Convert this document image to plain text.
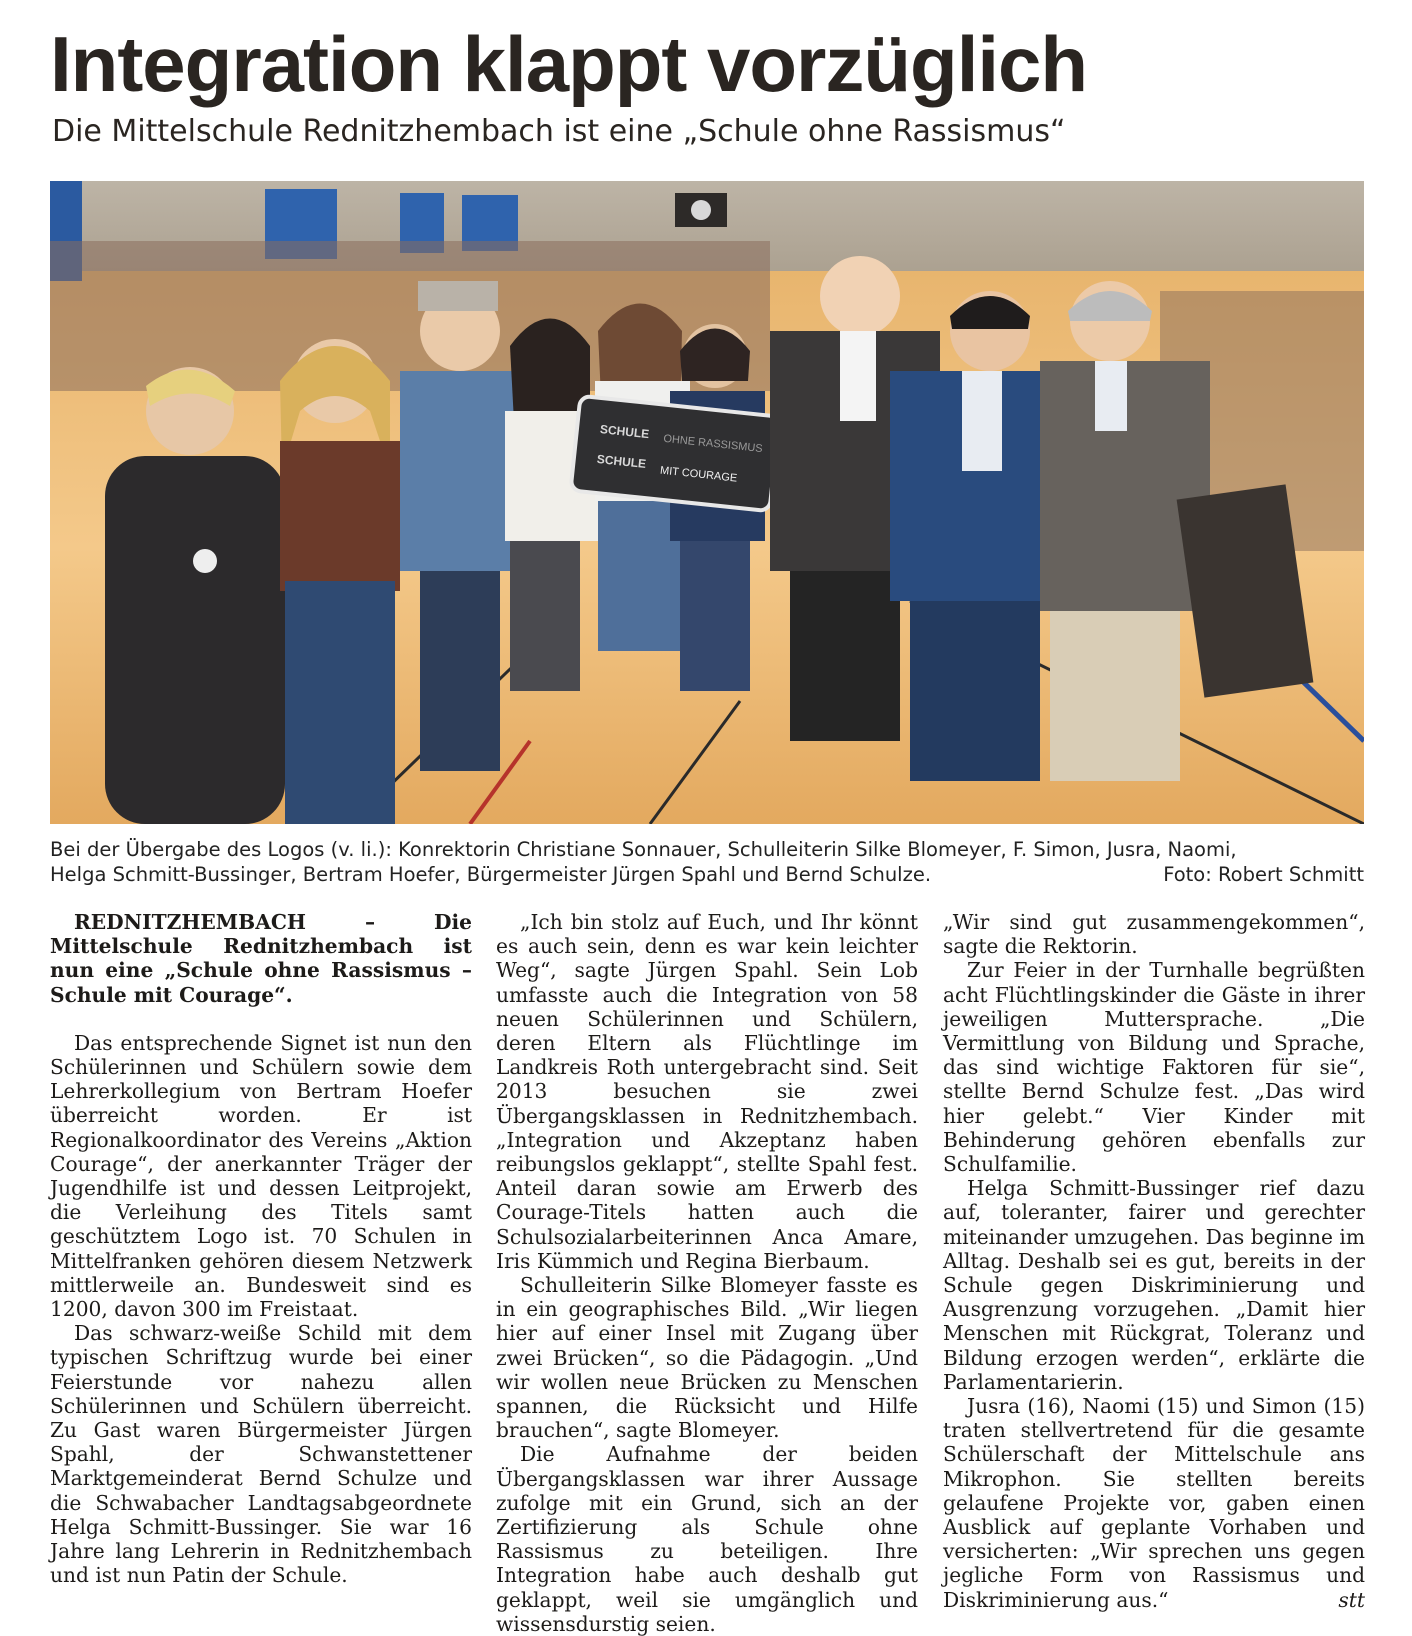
Integration klappt vorzüglich
Die Mittelschule Rednitzhembach ist eine „Schule ohne Rassismus“
SCHULE
OHNE RASSISMUS
SCHULE
MIT COURAGE
Bei der Übergabe des Logos (v. li.): Konrektorin Christiane Sonnauer, Schulleiterin Silke Blomeyer, F. Simon, Jusra, Naomi,
Helga Schmitt-Bussinger, Bertram Hoefer, Bürgermeister Jürgen Spahl und Bernd Schulze.	Foto: Robert Schmitt

REDNITZHEMBACH – Die Mittelschule Rednitzhembach ist nun eine „Schule ohne Rassismus – Schule mit Courage“.

Das entsprechende Signet ist nun den Schülerinnen und Schülern sowie dem Lehrerkollegium von Bertram Hoefer überreicht worden. Er ist Regionalkoordinator des Vereins „Aktion Courage“, der anerkannter Träger der Jugendhilfe ist und dessen Leitprojekt, die Verleihung des Titels samt geschütztem Logo ist. 70 Schulen in Mittelfranken gehören diesem Netzwerk mittlerweile an. Bundesweit sind es 1200, davon 300 im Freistaat.

Das schwarz-weiße Schild mit dem typischen Schriftzug wurde bei einer Feierstunde vor nahezu allen Schülerinnen und Schülern überreicht. Zu Gast waren Bürgermeister Jürgen Spahl, der Schwanstettener Marktgemeinderat Bernd Schulze und die Schwabacher Landtagsabgeordnete Helga Schmitt-Bussinger. Sie war 16 Jahre lang Lehrerin in Rednitzhembach und ist nun Patin der Schule.

„Ich bin stolz auf Euch, und Ihr könnt es auch sein, denn es war kein leichter Weg“, sagte Jürgen Spahl. Sein Lob umfasste auch die Integration von 58 neuen Schülerinnen und Schülern, deren Eltern als Flüchtlinge im Landkreis Roth untergebracht sind. Seit 2013 besuchen sie zwei Übergangsklassen in Rednitzhembach. „Integration und Akzeptanz haben reibungslos geklappt“, stellte Spahl fest. Anteil daran sowie am Erwerb des Courage-Titels hatten auch die Schulsozialarbeiterinnen Anca Amare, Iris Kümmich und Regina Bierbaum.

Schulleiterin Silke Blomeyer fasste es in ein geographisches Bild. „Wir liegen hier auf einer Insel mit Zugang über zwei Brücken“, so die Pädagogin. „Und wir wollen neue Brücken zu Menschen spannen, die Rücksicht und Hilfe brauchen“, sagte Blomeyer.

Die Aufnahme der beiden Übergangsklassen war ihrer Aussage zufolge mit ein Grund, sich an der Zertifizierung als Schule ohne Rassismus zu beteiligen. Ihre Integration habe auch deshalb gut geklappt, weil sie umgänglich und wissensdurstig seien.

„Wir sind gut zusammengekommen“, sagte die Rektorin.

Zur Feier in der Turnhalle begrüßten acht Flüchtlingskinder die Gäste in ihrer jeweiligen Muttersprache. „Die Vermittlung von Bildung und Sprache, das sind wichtige Faktoren für sie“, stellte Bernd Schulze fest. „Das wird hier gelebt.“ Vier Kinder mit Behinderung gehören ebenfalls zur Schulfamilie.

Helga Schmitt-Bussinger rief dazu auf, toleranter, fairer und gerechter miteinander umzugehen. Das beginne im Alltag. Deshalb sei es gut, bereits in der Schule gegen Diskriminierung und Ausgrenzung vorzugehen. „Damit hier Menschen mit Rückgrat, Toleranz und Bildung erzogen werden“, erklärte die Parlamentarierin.

Jusra (16), Naomi (15) und Simon (15) traten stellvertretend für die gesamte Schülerschaft der Mittelschule ans Mikrophon. Sie stellten bereits gelaufene Projekte vor, gaben einen Ausblick auf geplante Vorhaben und versicherten: „Wir sprechen uns gegen jegliche Form von Rassismus und Diskriminierung aus.“	stt
